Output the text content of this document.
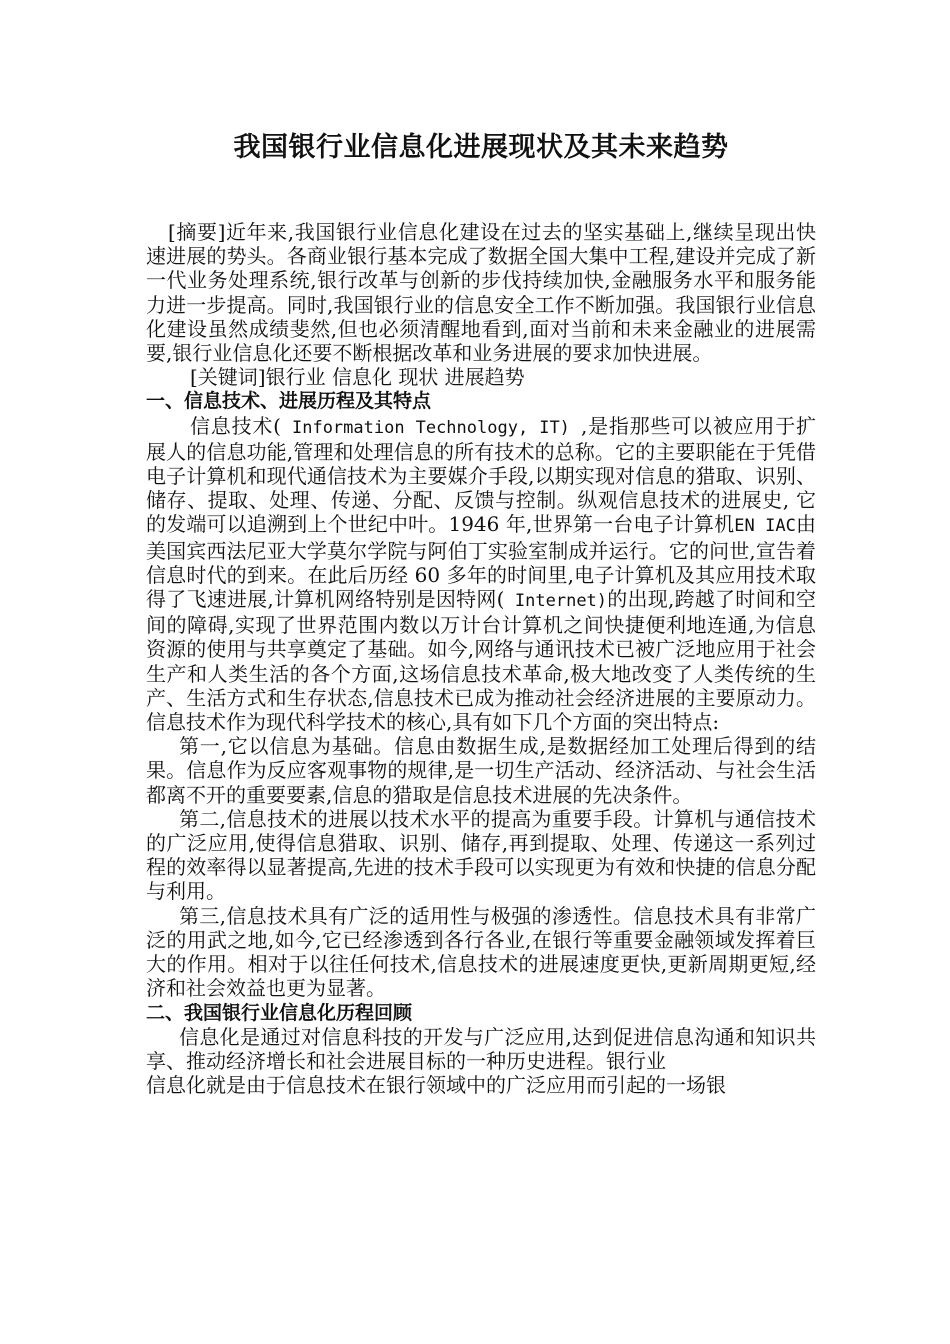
我国银行业信息化进展现状及其未来趋势

[摘要]近年来,我国银行业信息化建设在过去的坚实基础上,继续呈现出快速进展的势头。各商业银行基本完成了数据全国大集中工程,建设并完成了新一代业务处理系统,银行改革与创新的步伐持续加快,金融服务水平和服务能力进一步提高。同时,我国银行业的信息安全工作不断加强。我国银行业信息化建设虽然成绩斐然,但也必须清醒地看到,面对当前和未来金融业的进展需要,银行业信息化还要不断根据改革和业务进展的要求加快进展。

[关键词]银行业 信息化 现状 进展趋势

一、信息技术、进展历程及其特点

信息技术( Information Technology, IT) ,是指那些可以被应用于扩展人的信息功能,管理和处理信息的所有技术的总称。它的主要职能在于凭借电子计算机和现代通信技术为主要媒介手段,以期实现对信息的猎取、识别、储存、提取、处理、传递、分配、反馈与控制。纵观信息技术的进展史, 它的发端可以追溯到上个世纪中叶。1946 年,世界第一台电子计算机EN IAC由美国宾西法尼亚大学莫尔学院与阿伯丁实验室制成并运行。它的问世,宣告着信息时代的到来。在此后历经 60 多年的时间里,电子计算机及其应用技术取得了飞速进展,计算机网络特别是因特网( Internet)的出现,跨越了时间和空间的障碍,实现了世界范围内数以万计台计算机之间快捷便利地连通,为信息资源的使用与共享奠定了基础。如今,网络与通讯技术已被广泛地应用于社会生产和人类生活的各个方面,这场信息技术革命,极大地改变了人类传统的生产、生活方式和生存状态,信息技术已成为推动社会经济进展的主要原动力。信息技术作为现代科学技术的核心,具有如下几个方面的突出特点:

第一,它以信息为基础。信息由数据生成,是数据经加工处理后得到的结果。信息作为反应客观事物的规律,是一切生产活动、经济活动、与社会生活都离不开的重要要素,信息的猎取是信息技术进展的先决条件。

第二,信息技术的进展以技术水平的提高为重要手段。计算机与通信技术的广泛应用,使得信息猎取、识别、储存,再到提取、处理、传递这一系列过程的效率得以显著提高,先进的技术手段可以实现更为有效和快捷的信息分配与利用。

第三,信息技术具有广泛的适用性与极强的渗透性。信息技术具有非常广泛的用武之地,如今,它已经渗透到各行各业,在银行等重要金融领域发挥着巨大的作用。相对于以往任何技术,信息技术的进展速度更快,更新周期更短,经济和社会效益也更为显著。

二、我国银行业信息化历程回顾

信息化是通过对信息科技的开发与广泛应用,达到促进信息沟通和知识共享、推动经济增长和社会进展目标的一种历史进程。银行业

信息化就是由于信息技术在银行领域中的广泛应用而引起的一场银
